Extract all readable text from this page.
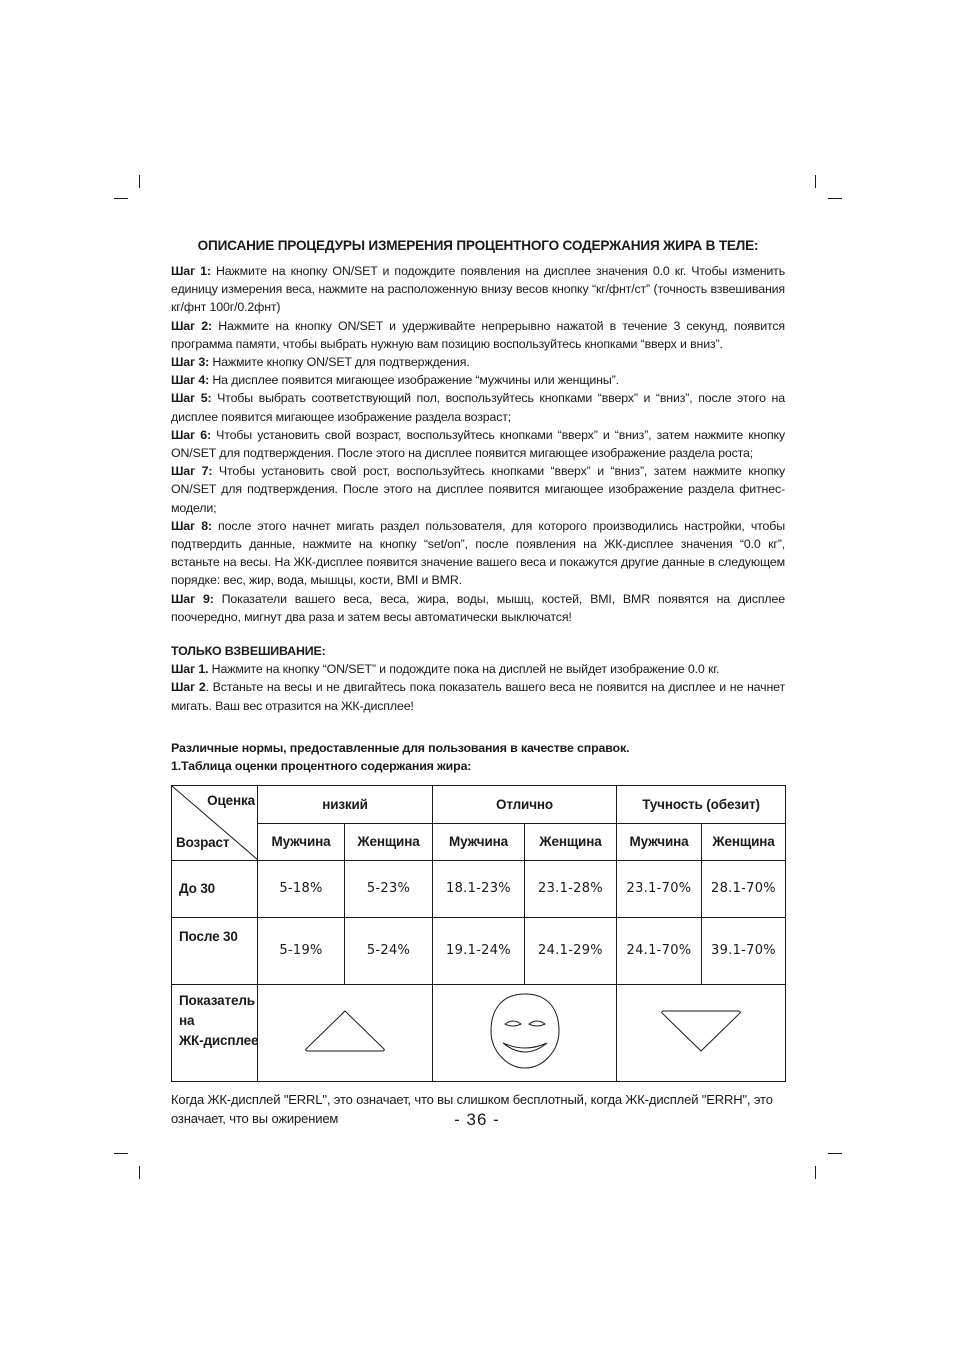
ОПИСАНИЕ ПРОЦЕДУРЫ ИЗМЕРЕНИЯ ПРОЦЕНТНОГО СОДЕРЖАНИЯ ЖИРА В ТЕЛЕ:

Шаг 1: Нажмите на кнопку ON/SET и подождите появления на дисплее значения 0.0 кг. Чтобы изменить единицу измерения веса, нажмите на расположенную внизу весов кнопку “кг/фнт/ст” (точность взвешивания кг/фнт 100г/0.2фнт)

Шаг 2: Нажмите на кнопку ON/SET и удерживайте непрерывно нажатой в течение 3 секунд, появится программа памяти, чтобы выбрать нужную вам позицию воспользуйтесь кнопками “вверх и вниз”.

Шаг 3: Нажмите кнопку ON/SET для подтверждения.

Шаг 4: На дисплее появится мигающее изображение “мужчины или женщины”.

Шаг 5: Чтобы выбрать соответствующий пол, воспользуйтесь кнопками “вверх” и “вниз”, после этого на дисплее появится мигающее изображение раздела возраст;

Шаг 6: Чтобы установить свой возраст, воспользуйтесь кнопками “вверх” и “вниз”, затем нажмите кнопку ON/SET для подтверждения. После этого на дисплее появится мигающее изображение раздела роста;

Шаг 7: Чтобы установить свой рост, воспользуйтесь кнопками “вверх” и “вниз”, затем нажмите кнопку ON/SET для подтверждения. После этого на дисплее появится мигающее изображение раздела фитнес-модели;

Шаг 8: после этого начнет мигать раздел пользователя, для которого производились настройки, чтобы подтвердить данные, нажмите на кнопку “set/on”, после появления на ЖК-дисплее значения “0.0 кг”, встаньте на весы. На ЖК-дисплее появится значение вашего веса и покажутся другие данные в следующем порядке: вес, жир, вода, мышцы, кости, BMI и BMR.

Шаг 9: Показатели вашего веса, веса, жира, воды, мышц, костей, BMI, BMR появятся на дисплее поочередно, мигнут два раза и затем весы автоматически выключатся!

ТОЛЬКО ВЗВЕШИВАНИЕ:

Шаг 1. Нажмите на кнопку “ON/SET” и подождите пока на дисплей не выйдет изображение 0.0 кг.

Шаг 2. Встаньте на весы и не двигайтесь пока показатель вашего веса не появится на дисплее и не начнет мигать. Ваш вес отразится на ЖК-дисплее!

Различные нормы, предоставленные для пользования в качестве справок.

1.Таблица оценки процентного содержания жира:

Оценка
Возраст	низкий		Отлично		Тучность (обезит)	
	Мужчина	Женщина	Мужчина	Женщина	Мужчина	Женщина
До 30	5-18%	5-23%	18.1-23%	23.1-28%	23.1-70%	28.1-70%
После 30	5-19%	5-24%	19.1-24%	24.1-29%	24.1-70%	39.1-70%

Показатель
на
ЖК-дисплее

Когда ЖК-дисплей "ERRL", это означает, что вы слишком бесплотный, когда ЖК-дисплей "ERRH", это означает, что вы ожирением	- 36 -
